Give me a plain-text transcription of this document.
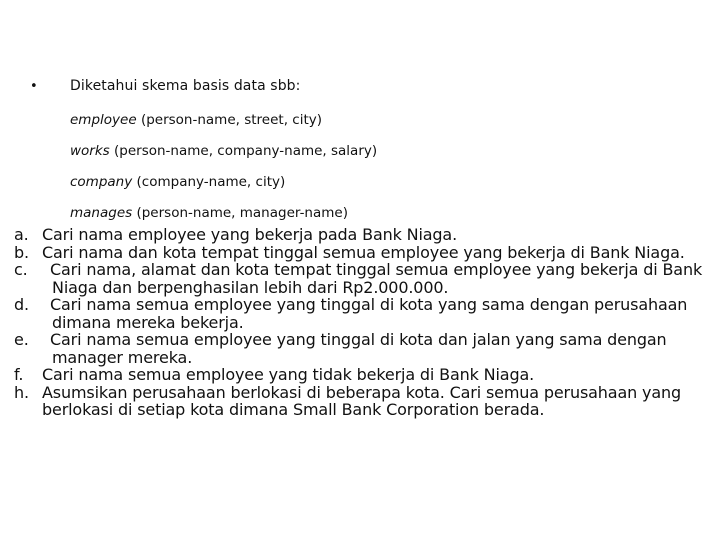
•	Diketahui skema basis data sbb:
employee (person-name, street, city)
works (person-name, company-name, salary)
company (company-name, city)
manages (person-name, manager-name)
a. Cari nama employee yang bekerja pada Bank Niaga.
b. Cari nama dan kota tempat tinggal semua employee yang bekerja di Bank Niaga.
c.	Cari nama, alamat dan kota tempat tinggal semua employee yang bekerja di Bank Niaga dan berpenghasilan lebih dari Rp2.000.000.
d.	Cari nama semua employee yang tinggal di kota yang sama dengan perusahaan dimana mereka bekerja.
e.	Cari nama semua employee yang tinggal di kota dan jalan yang sama dengan manager mereka.
f.	Cari nama semua employee yang tidak bekerja di Bank Niaga.
h. Asumsikan perusahaan berlokasi di beberapa kota. Cari semua perusahaan yang berlokasi di setiap kota dimana Small Bank Corporation berada.
